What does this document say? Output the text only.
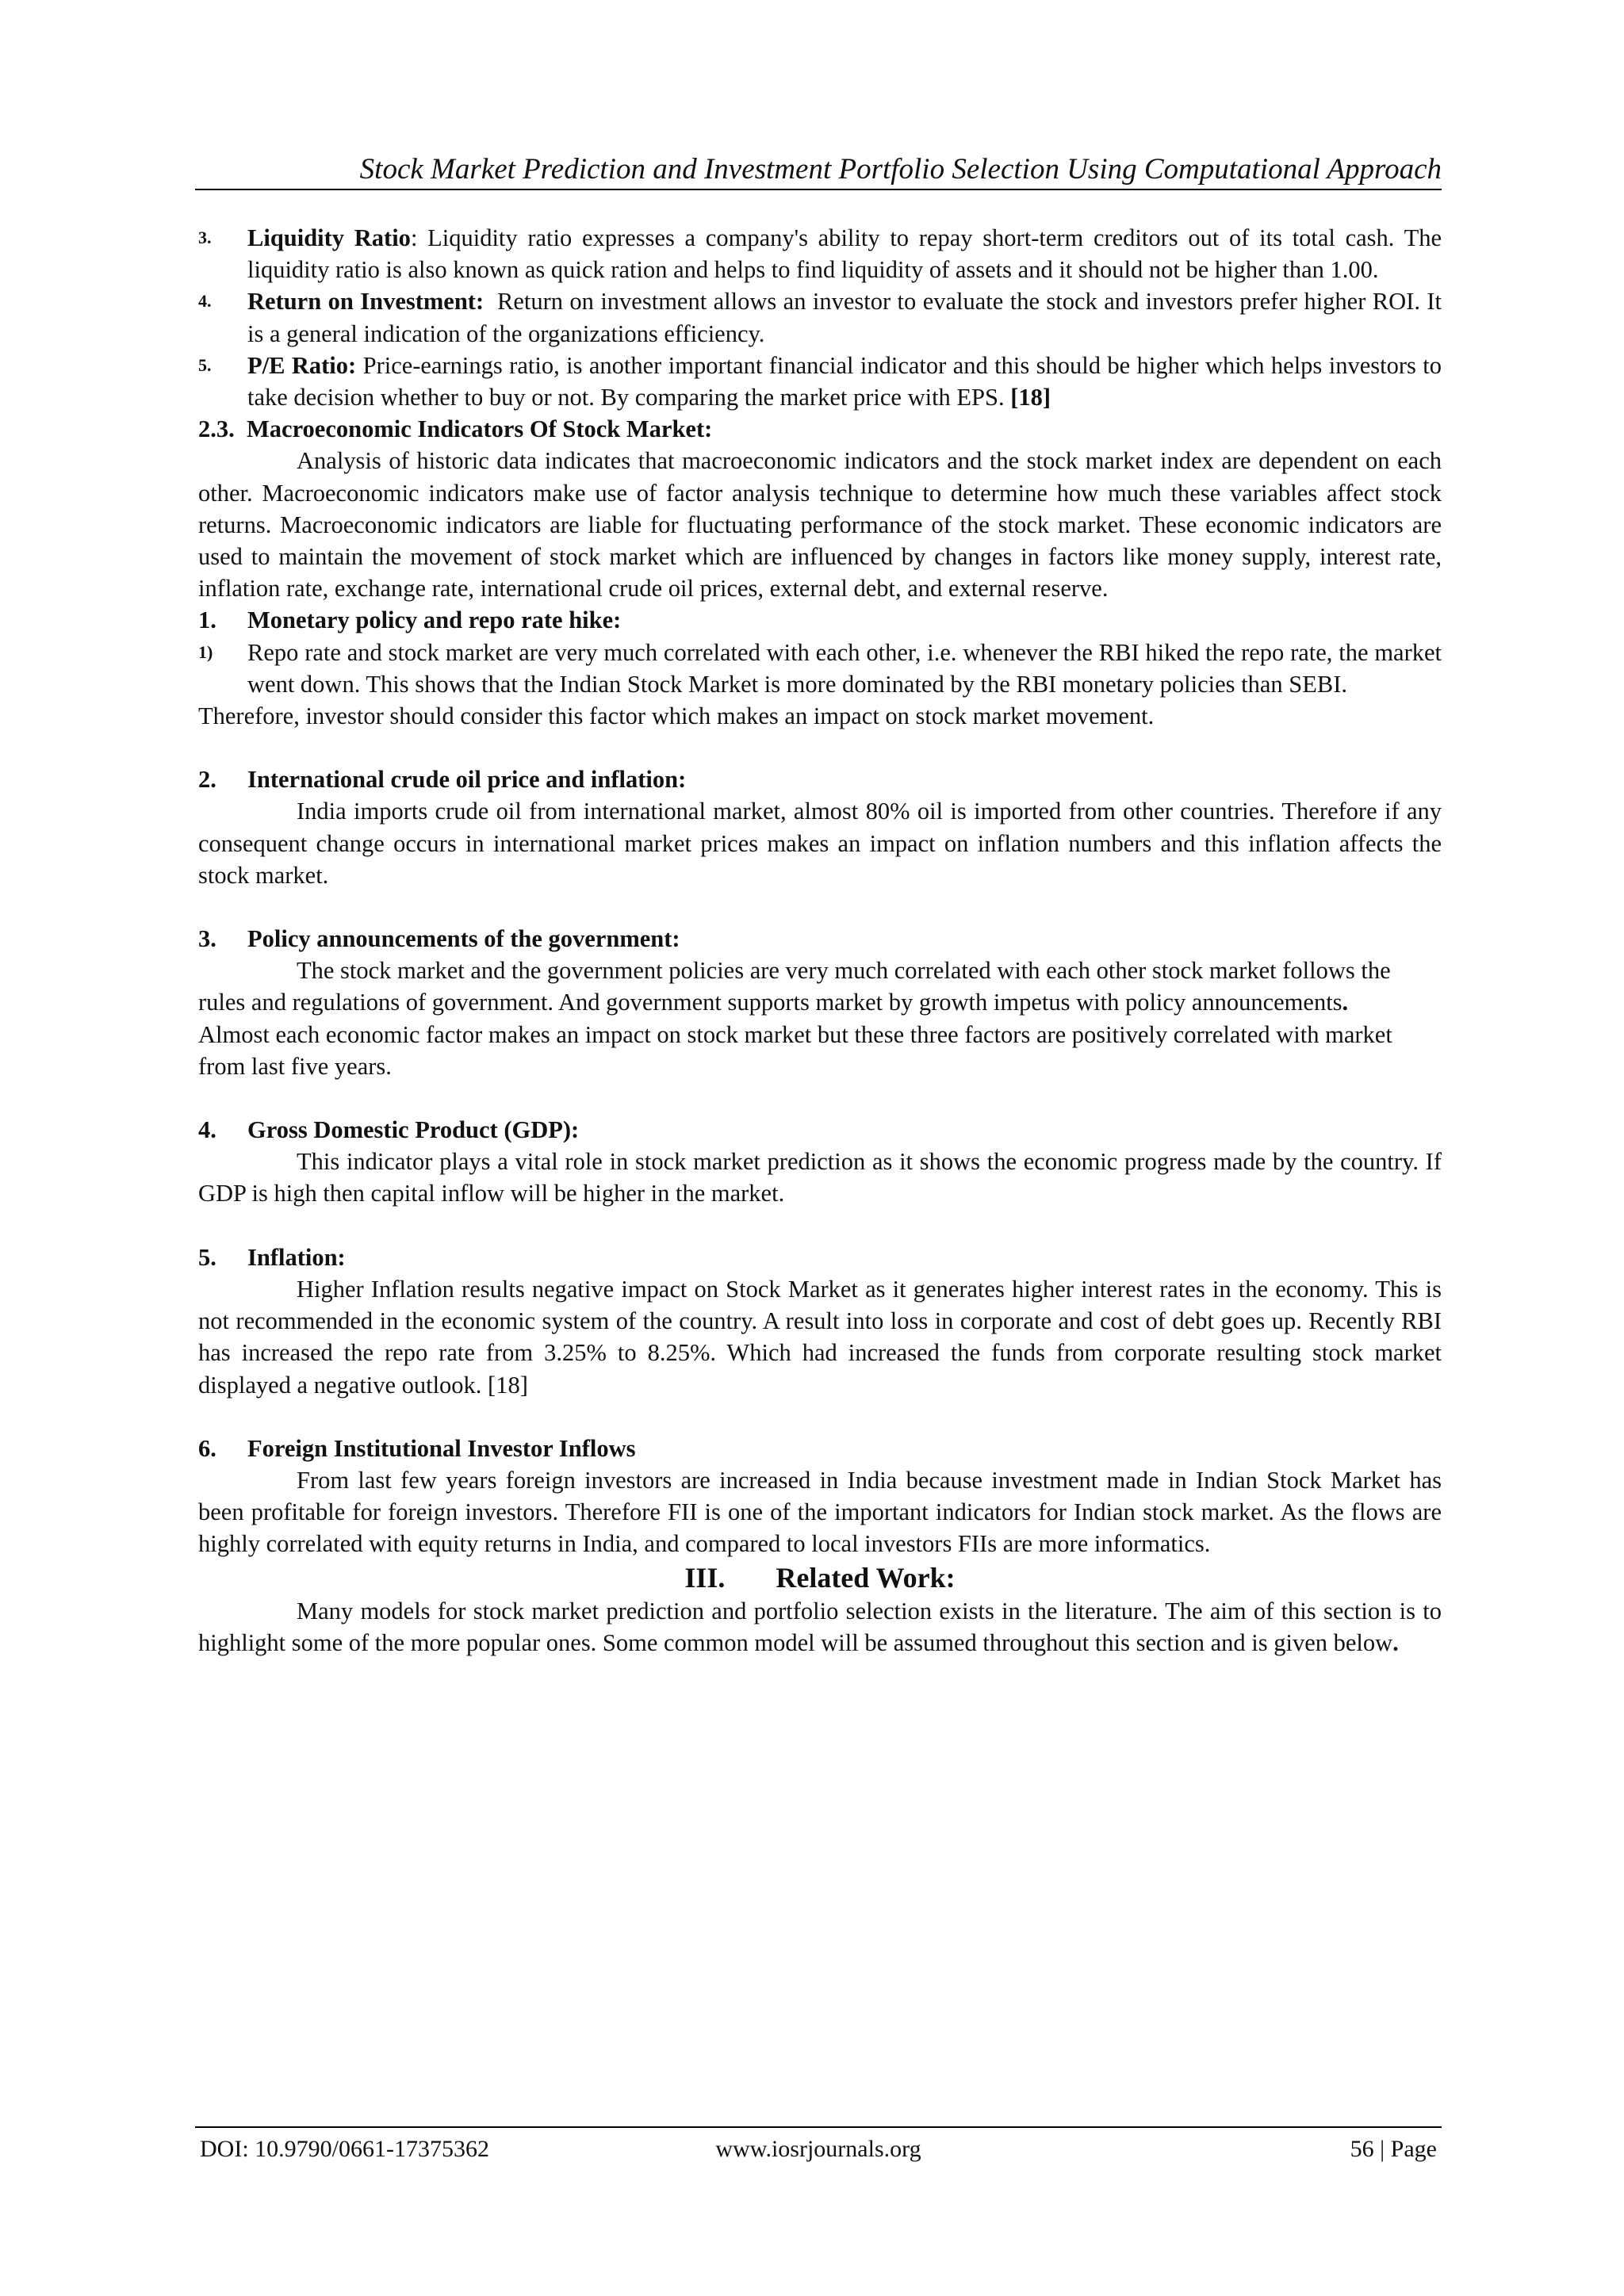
Stock Market Prediction and Investment Portfolio Selection Using Computational Approach
3. Liquidity Ratio: Liquidity ratio expresses a company's ability to repay short-term creditors out of its total cash. The liquidity ratio is also known as quick ration and helps to find liquidity of assets and it should not be higher than 1.00.
4. Return on Investment:  Return on investment allows an investor to evaluate the stock and investors prefer higher ROI. It is a general indication of the organizations efficiency.
5. P/E Ratio: Price-earnings ratio, is another important financial indicator and this should be higher which helps investors to take decision whether to buy or not. By comparing the market price with EPS. [18]

2.3.  Macroeconomic Indicators Of Stock Market:

Analysis of historic data indicates that macroeconomic indicators and the stock market index are dependent on each other. Macroeconomic indicators make use of factor analysis technique to determine how much these variables affect stock returns. Macroeconomic indicators are liable for fluctuating performance of the stock market. These economic indicators are used to maintain the movement of stock market which are influenced by changes in factors like money supply, interest rate, inflation rate, exchange rate, international crude oil prices, external debt, and external reserve.

1. Monetary policy and repo rate hike:

1) Repo rate and stock market are very much correlated with each other, i.e. whenever the RBI hiked the repo rate, the market went down. This shows that the Indian Stock Market is more dominated by the RBI monetary policies than SEBI.

Therefore, investor should consider this factor which makes an impact on stock market movement.

2. International crude oil price and inflation:

India imports crude oil from international market, almost 80% oil is imported from other countries. Therefore if any consequent change occurs in international market prices makes an impact on inflation numbers and this inflation affects the stock market.

3. Policy announcements of the government:

The stock market and the government policies are very much correlated with each other stock market follows the rules and regulations of government. And government supports market by growth impetus with policy announcements. Almost each economic factor makes an impact on stock market but these three factors are positively correlated with market from last five years.

4. Gross Domestic Product (GDP):

This indicator plays a vital role in stock market prediction as it shows the economic progress made by the country. If GDP is high then capital inflow will be higher in the market.

5. Inflation:

Higher Inflation results negative impact on Stock Market as it generates higher interest rates in the economy. This is not recommended in the economic system of the country. A result into loss in corporate and cost of debt goes up. Recently RBI has increased the repo rate from 3.25% to 8.25%. Which had increased the funds from corporate resulting stock market displayed a negative outlook. [18]

6. Foreign Institutional Investor Inflows

From last few years foreign investors are increased in India because investment made in Indian Stock Market has been profitable for foreign investors. Therefore FII is one of the important indicators for Indian stock market. As the flows are highly correlated with equity returns in India, and compared to local investors FIIs are more informatics.

III. Related Work:

Many models for stock market prediction and portfolio selection exists in the literature. The aim of this section is to highlight some of the more popular ones. Some common model will be assumed throughout this section and is given below.

DOI: 10.9790/0661-17375362	www.iosrjournals.org	56 | Page
